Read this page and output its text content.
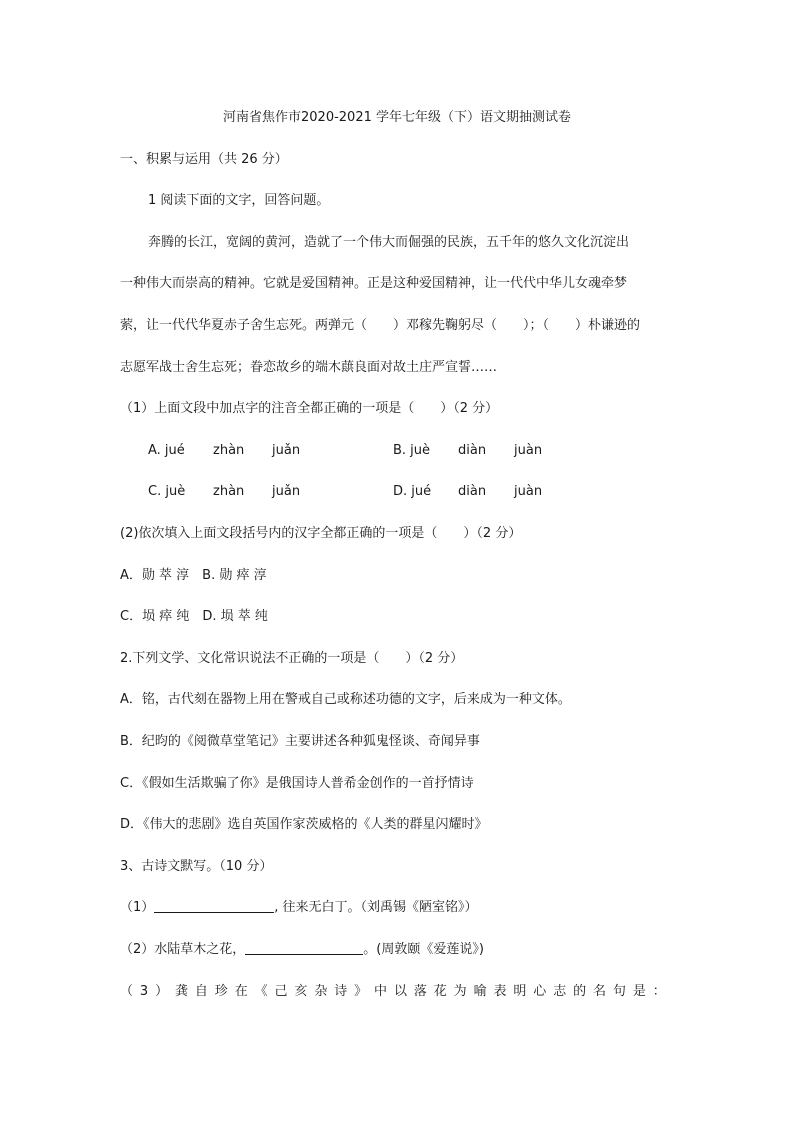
河南省焦作市2020-2021 学年七年级（下）语文期抽测试卷
一、积累与运用（共 26 分）
1 阅读下面的文字，回答问题。
奔腾的长江，宽阔的黄河，造就了一个伟大而倔强的民族，五千年的悠久文化沉淀出
一种伟大而崇高的精神。它就是爱国精神。正是这种爱国精神，让一代代中华儿女魂牵梦
萦，让一代代华夏赤子舍生忘死。两弹元（　　）邓稼先鞠躬尽（　　）；（　　）朴谦逊的
志愿军战士舍生忘死；眷恋故乡的端木蕻良面对故土庄严宣誓……
（1）上面文段中加点字的注音全都正确的一项是（　　）（2 分）
A. jué zhàn juǎn	B. juè diàn juàn
C. juè zhàn juǎn	D. jué diàn juàn
(2)依次填入上面文段括号内的汉字全都正确的一项是（　　）（2 分）
A．勋 萃 淳　B. 勋 瘁 淳
C．埙 瘁 纯　D. 埙 萃 纯
2.下列文学、文化常识说法不正确的一项是（　　）（2 分）
A．铭，古代刻在器物上用在警戒自己或称述功德的文字，后来成为一种文体。
B．纪昀的《阅微草堂笔记》主要讲述各种狐鬼怪谈、奇闻异事
C．《假如生活欺骗了你》是俄国诗人普希金创作的一首抒情诗
D．《伟大的悲剧》选自英国作家茨威格的《人类的群星闪耀时》
3、古诗文默写。（10 分）
（1）	, 往来无白丁。（刘禹锡《陋室铭》）
（2）水陆草木之花，	。(周敦颐《爱莲说》)
（ 3 ） 龚 自 珍 在 《 己 亥 杂 诗 》 中 以 落 花 为 喻 表 明 心 志 的 名 句 是 ：
